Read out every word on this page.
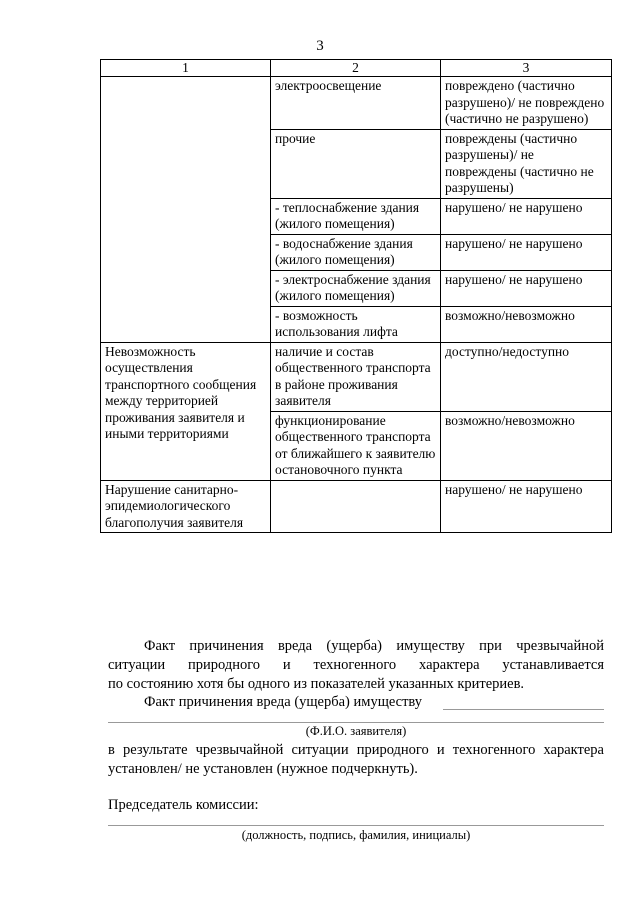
3
1	2	3
	электроосвещение	повреждено (частично разрушено)/ не повреждено (частично не разрушено)
	прочие	повреждены (частично разрушены)/ не повреждены (частично не разрушены)
	- теплоснабжение здания (жилого помещения)	нарушено/ не нарушено
	- водоснабжение здания (жилого помещения)	нарушено/ не нарушено
	- электроснабжение здания (жилого помещения)	нарушено/ не нарушено
	- возможность использования лифта	возможно/невозможно
Невозможность осуществления транспортного сообщения между территорией проживания заявителя и иными территориями	наличие и состав общественного транспорта в районе проживания заявителя	доступно/недоступно
	функционирование общественного транспорта от ближайшего к заявителю остановочного пункта	возможно/невозможно
Нарушение санитарно-эпидемиологического благополучия заявителя		нарушено/ не нарушено
Факт причинения вреда (ущерба) имуществу при чрезвычайной
ситуации природного и техногенного характера устанавливается
по состоянию хотя бы одного из показателей указанных критериев.
Факт причинения вреда (ущерба) имуществу
(Ф.И.О. заявителя)
в результате чрезвычайной ситуации природного и техногенного характера
установлен/ не установлен (нужное подчеркнуть).
Председатель комиссии:
(должность, подпись, фамилия, инициалы)
